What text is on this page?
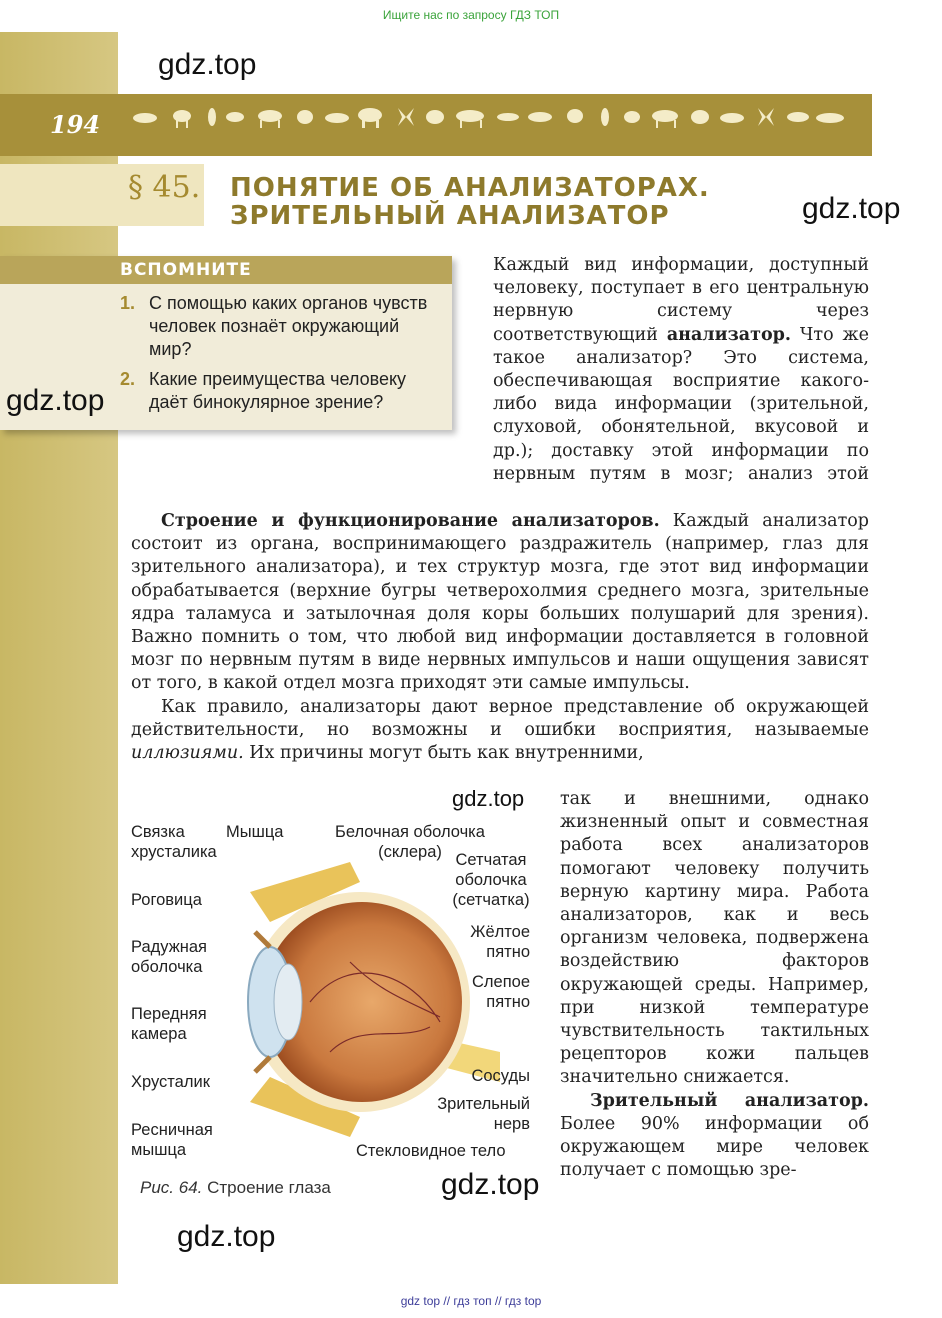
Ищите нас по запросу ГДЗ ТОП
194
§ 45. ПОНЯТИЕ ОБ АНАЛИЗАТОРАХ.
ЗРИТЕЛЬНЫЙ АНАЛИЗАТОР
gdz.top
gdz.top
ВСПОМНИТЕ
1. С помощью каких органов чувств человек познаёт окружающий мир?
2. Какие преимущества человеку даёт бинокулярное зрение?
gdz.top

Каждый вид информации, доступный человеку, поступает в его центральную нервную систему через соответствующий анализатор. Что же такое анализатор? Это система, обеспечивающая восприятие какого-либо вида информации (зрительной, слуховой, обонятельной, вкусовой и др.); доставку этой информации по нервным путям в мозг; анализ этой

Строение и функционирование анализаторов. Каждый анализатор состоит из органа, воспринимающего раздражитель (например, глаз для зрительного анализатора), и тех структур мозга, где этот вид информации обрабатывается (верхние бугры четверохолмия среднего мозга, зрительные ядра таламуса и затылочная доля коры больших полушарий для зрения). Важно помнить о том, что любой вид информации доставляется в головной мозг по нервным путям в виде нервных импульсов и наши ощущения зависят от того, в какой отдел мозга приходят эти самые импульсы.

Как правило, анализаторы дают верное представление об окружающей действительности, но возможны и ошибки восприятия, называемые иллюзиями. Их причины могут быть как внутренними,

так и внешними, однако жизненный опыт и совместная работа всех анализаторов помогают человеку получить верную картину мира. Работа анализаторов, как и весь организм человека, подвержена воздействию факторов окружающей среды. Например, при низкой температуре чувствительность тактильных рецепторов кожи пальцев значительно снижается.

Зрительный анализатор. Более 90% информации об окружающем мире человек получает с помощью зре-

gdz.top
Связка хрусталика
Мышца	Белочная оболочка (склера) Сетчатая оболочка (сетчатка)
Роговица
Жёлтое пятно
Радужная оболочка
Слепое пятно
Передняя камера
Сосуды
Хрусталик
Зрительный нерв
Ресничная мышца	Стекловидное тело
Рис. 64. Строение глаза	gdz.top
gdz.top
gdz top // гдз топ // гдз top
